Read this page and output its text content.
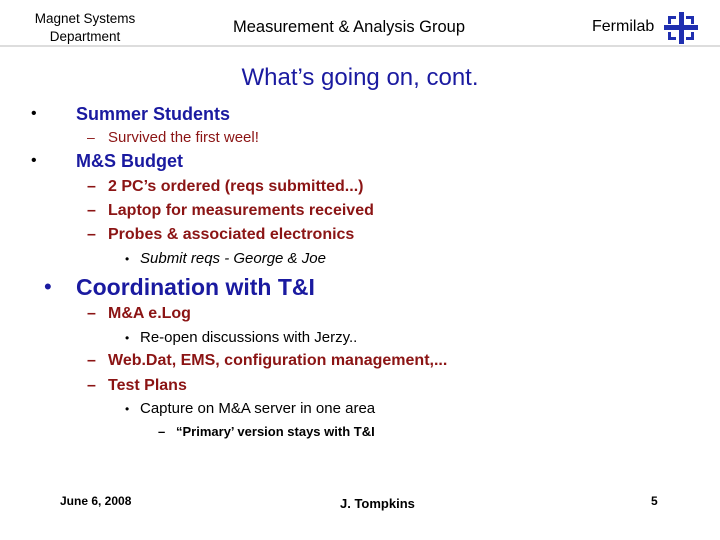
Magnet Systems
Department
Measurement & Analysis Group	Fermilab
What’s going on, cont.
• Summer Students
– Survived the first weel!
• M&S Budget
– 2 PC’s ordered (reqs submitted...)
– Laptop for measurements received
– Probes & associated electronics
• Submit reqs - George & Joe
• Coordination with T&I
– M&A e.Log
• Re-open discussions with Jerzy..
– Web.Dat, EMS, configuration management,...
– Test Plans
• Capture on M&A server in one area
– “Primary’ version stays with T&I
June 6, 2008	J. Tompkins	5
